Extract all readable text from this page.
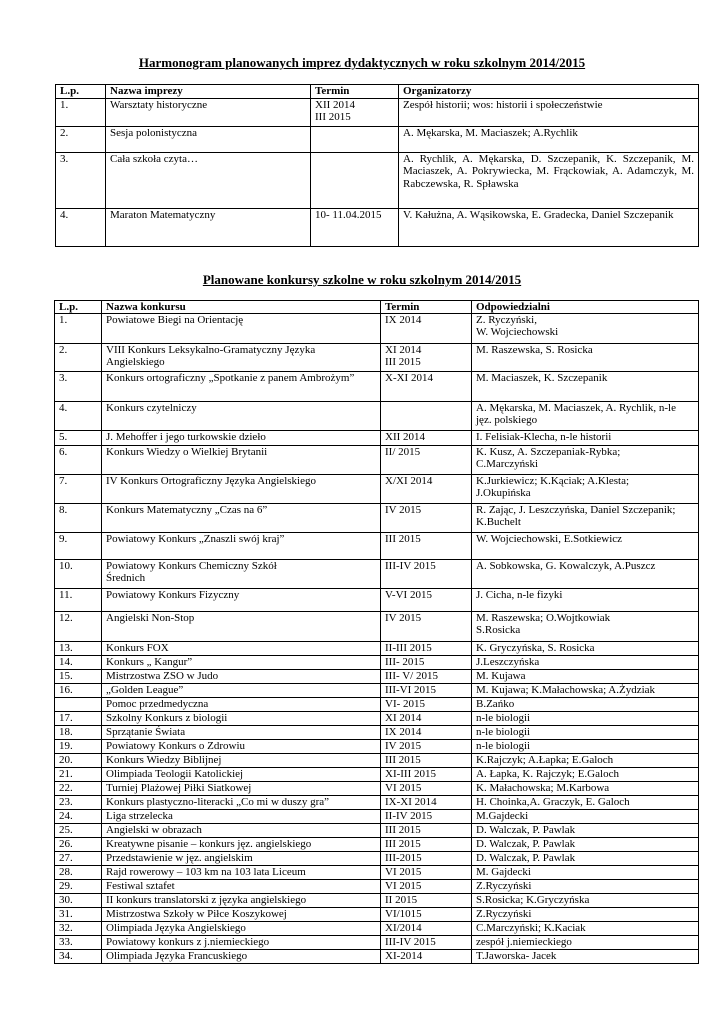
Harmonogram planowanych imprez dydaktycznych w roku szkolnym 2014/2015
L.p.	Nazwa imprezy	Termin	Organizatorzy
1.	Warsztaty historyczne	XII 2014
III 2015	Zespół historii; wos: historii i społeczeństwie
2.	Sesja polonistyczna		A. Mękarska, M. Maciaszek; A.Rychlik
3.	Cała szkoła czyta…		A. Rychlik, A. Mękarska, D. Szczepanik, K. Szczepanik, M. Maciaszek, A. Pokrywiecka, M. Frąckowiak, A. Adamczyk, M. Rabczewska, R. Spławska
4.	Maraton Matematyczny	10- 11.04.2015	V. Kałużna, A. Wąsikowska, E. Gradecka, Daniel Szczepanik
Planowane konkursy szkolne w roku szkolnym 2014/2015
L.p.	Nazwa konkursu	Termin	Odpowiedzialni
1.	Powiatowe Biegi na Orientację	IX 2014	Z. Ryczyński,
W. Wojciechowski
2.	VIII Konkurs Leksykalno-Gramatyczny Języka Angielskiego	XI 2014
III 2015	M. Raszewska, S. Rosicka
3.	Konkurs ortograficzny „Spotkanie z panem Ambrożym”	X-XI 2014	M. Maciaszek, K. Szczepanik
4.	Konkurs czytelniczy		A. Mękarska, M. Maciaszek, A. Rychlik, n-le jęz. polskiego
5.	J. Mehoffer i jego turkowskie dzieło	XII 2014	I. Felisiak-Klecha, n-le historii
6.	Konkurs Wiedzy o Wielkiej Brytanii	II/ 2015	K. Kusz, A. Szczepaniak-Rybka;
C.Marczyński
7.	IV Konkurs Ortograficzny Języka Angielskiego	X/XI 2014	K.Jurkiewicz; K.Kąciak; A.Klesta;
J.Okupińska
8.	Konkurs Matematyczny „Czas na 6”	IV 2015	R. Zając, J. Leszczyńska, Daniel Szczepanik;
K.Buchelt
9.	Powiatowy Konkurs „Znaszli swój kraj”	III 2015	W. Wojciechowski, E.Sotkiewicz
10.	Powiatowy Konkurs Chemiczny Szkół
Średnich	III-IV 2015	A. Sobkowska, G. Kowalczyk, A.Puszcz
11.	Powiatowy Konkurs Fizyczny	V-VI 2015	J. Cicha, n-le fizyki
12.	Angielski Non-Stop	IV 2015	M. Raszewska; O.Wojtkowiak
S.Rosicka
13.	Konkurs FOX	II-III 2015	K. Gryczyńska, S. Rosicka
14.	Konkurs „ Kangur”	III- 2015	J.Leszczyńska
15.	Mistrzostwa ZSO w Judo	III- V/ 2015	M. Kujawa
16.	„Golden League”	III-VI 2015	M. Kujawa; K.Małachowska; A.Żydziak
	Pomoc przedmedyczna	VI- 2015	B.Zańko
17.	Szkolny Konkurs z biologii	XI 2014	n-le biologii
18.	Sprzątanie Świata	IX 2014	n-le biologii
19.	Powiatowy Konkurs o Zdrowiu	IV 2015	n-le biologii
20.	Konkurs Wiedzy Biblijnej	III 2015	K.Rajczyk; A.Łapka; E.Galoch
21.	Olimpiada Teologii Katolickiej	XI-III 2015	A. Łapka, K. Rajczyk; E.Galoch
22.	Turniej Plażowej Piłki Siatkowej	VI 2015	K. Małachowska; M.Karbowa
23.	Konkurs plastyczno-literacki „Co mi w duszy gra”	IX-XI 2014	H. Choinka,A. Graczyk, E. Galoch
24.	Liga strzelecka	II-IV 2015	M.Gajdecki
25.	Angielski w obrazach	III 2015	D. Walczak, P. Pawlak
26.	Kreatywne pisanie – konkurs jęz. angielskiego	III 2015	D. Walczak, P. Pawlak
27.	Przedstawienie w jęz. angielskim	III-2015	D. Walczak, P. Pawlak
28.	Rajd rowerowy – 103 km na 103 lata Liceum	VI 2015	M. Gajdecki
29.	Festiwal sztafet	VI 2015	Z.Ryczyński
30.	II konkurs translatorski z języka angielskiego	II 2015	S.Rosicka; K.Gryczyńska
31.	Mistrzostwa Szkoły w Piłce Koszykowej	VI/1015	Z.Ryczyński
32.	Olimpiada Języka Angielskiego	XI/2014	C.Marczyński; K.Kaciak
33.	Powiatowy konkurs z j.niemieckiego	III-IV 2015	zespół j.niemieckiego
34.	Olimpiada Języka Francuskiego	XI-2014	T.Jaworska- Jacek
